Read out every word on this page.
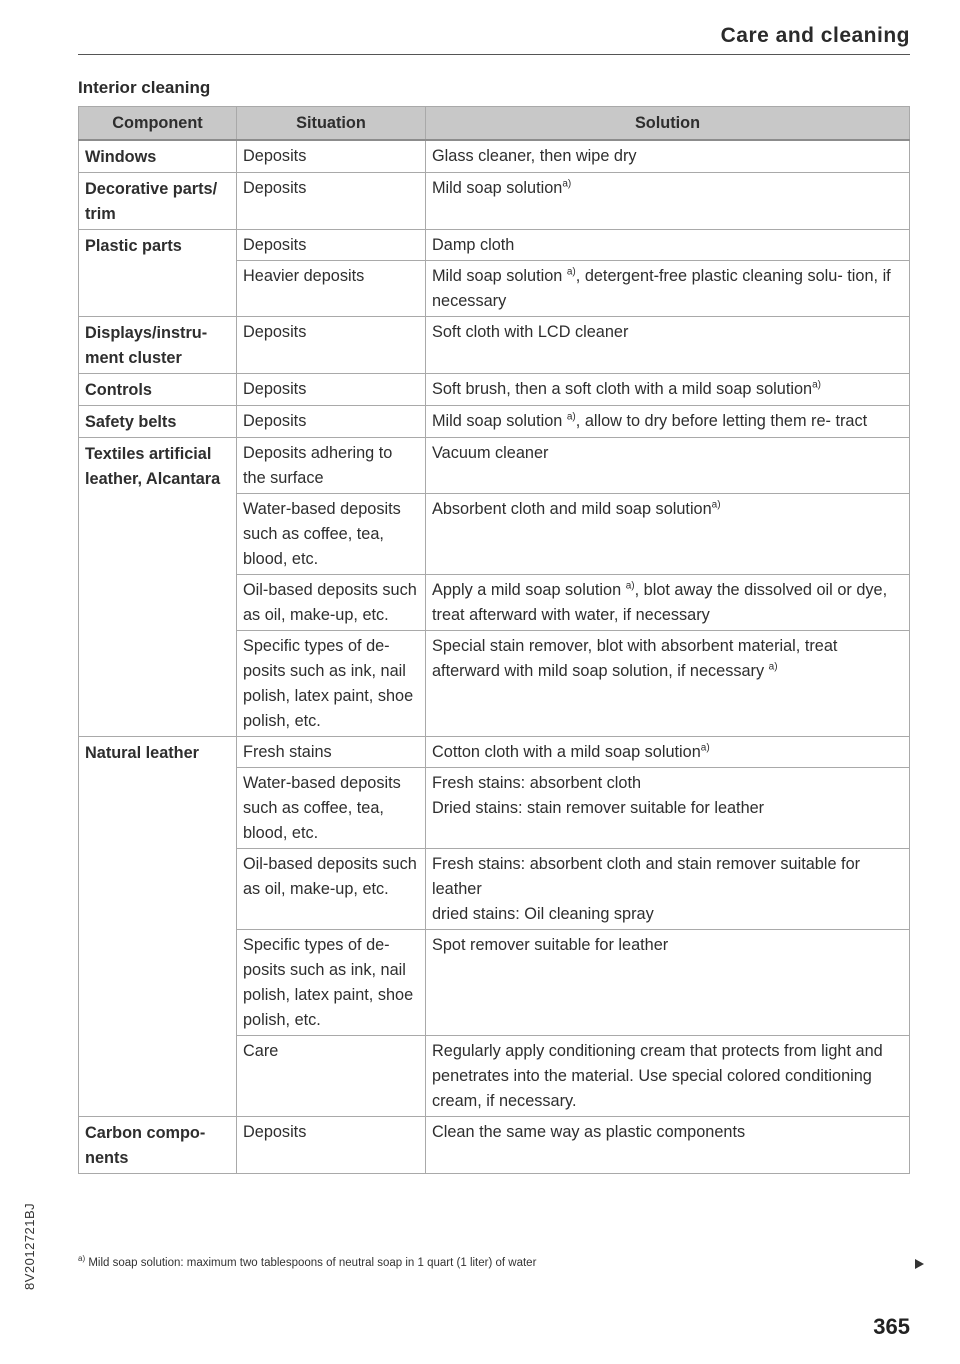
Care and cleaning
Interior cleaning
Component	Situation	Solution
Windows	Deposits	Glass cleaner, then wipe dry
Decorative parts/ trim	Deposits	Mild soap solution$^{a)}$
Plastic parts	Deposits	Damp cloth
	Heavier deposits	Mild soap solution $^{a)}$, detergent-free plastic cleaning solu- tion, if necessary
Displays/instru- ment cluster	Deposits	Soft cloth with LCD cleaner
Controls	Deposits	Soft brush, then a soft cloth with a mild soap solution$^{a)}$
Safety belts	Deposits	Mild soap solution $^{a)}$, allow to dry before letting them re- tract
Textiles artificial leather, Alcantara	Deposits adhering to the surface	Vacuum cleaner
	Water-based deposits such as coffee, tea, blood, etc.	Absorbent cloth and mild soap solution$^{a)}$
	Oil-based deposits such as oil, make-up, etc.	Apply a mild soap solution $^{a)}$, blot away the dissolved oil or dye, treat afterward with water, if necessary
	Specific types of de- posits such as ink, nail polish, latex paint, shoe polish, etc.	Special stain remover, blot with absorbent material, treat afterward with mild soap solution, if necessary $^{a)}$
Natural leather	Fresh stains	Cotton cloth with a mild soap solution$^{a)}$
	Water-based deposits such as coffee, tea, blood, etc.	Fresh stains: absorbent cloth
Dried stains: stain remover suitable for leather

	Oil-based deposits such as oil, make-up, etc.	Fresh stains: absorbent cloth and stain remover suitable for leather
dried stains: Oil cleaning spray

	Specific types of de- posits such as ink, nail polish, latex paint, shoe polish, etc.	Spot remover suitable for leather
	Care	Regularly apply conditioning cream that protects from light and penetrates into the material. Use special colored conditioning cream, if necessary.
Carbon compo- nents	Deposits	Clean the same way as plastic components
$^{a)}$ Mild soap solution: maximum two tablespoons of neutral soap in 1 quart (1 liter) of water
8V2012721BJ
365
